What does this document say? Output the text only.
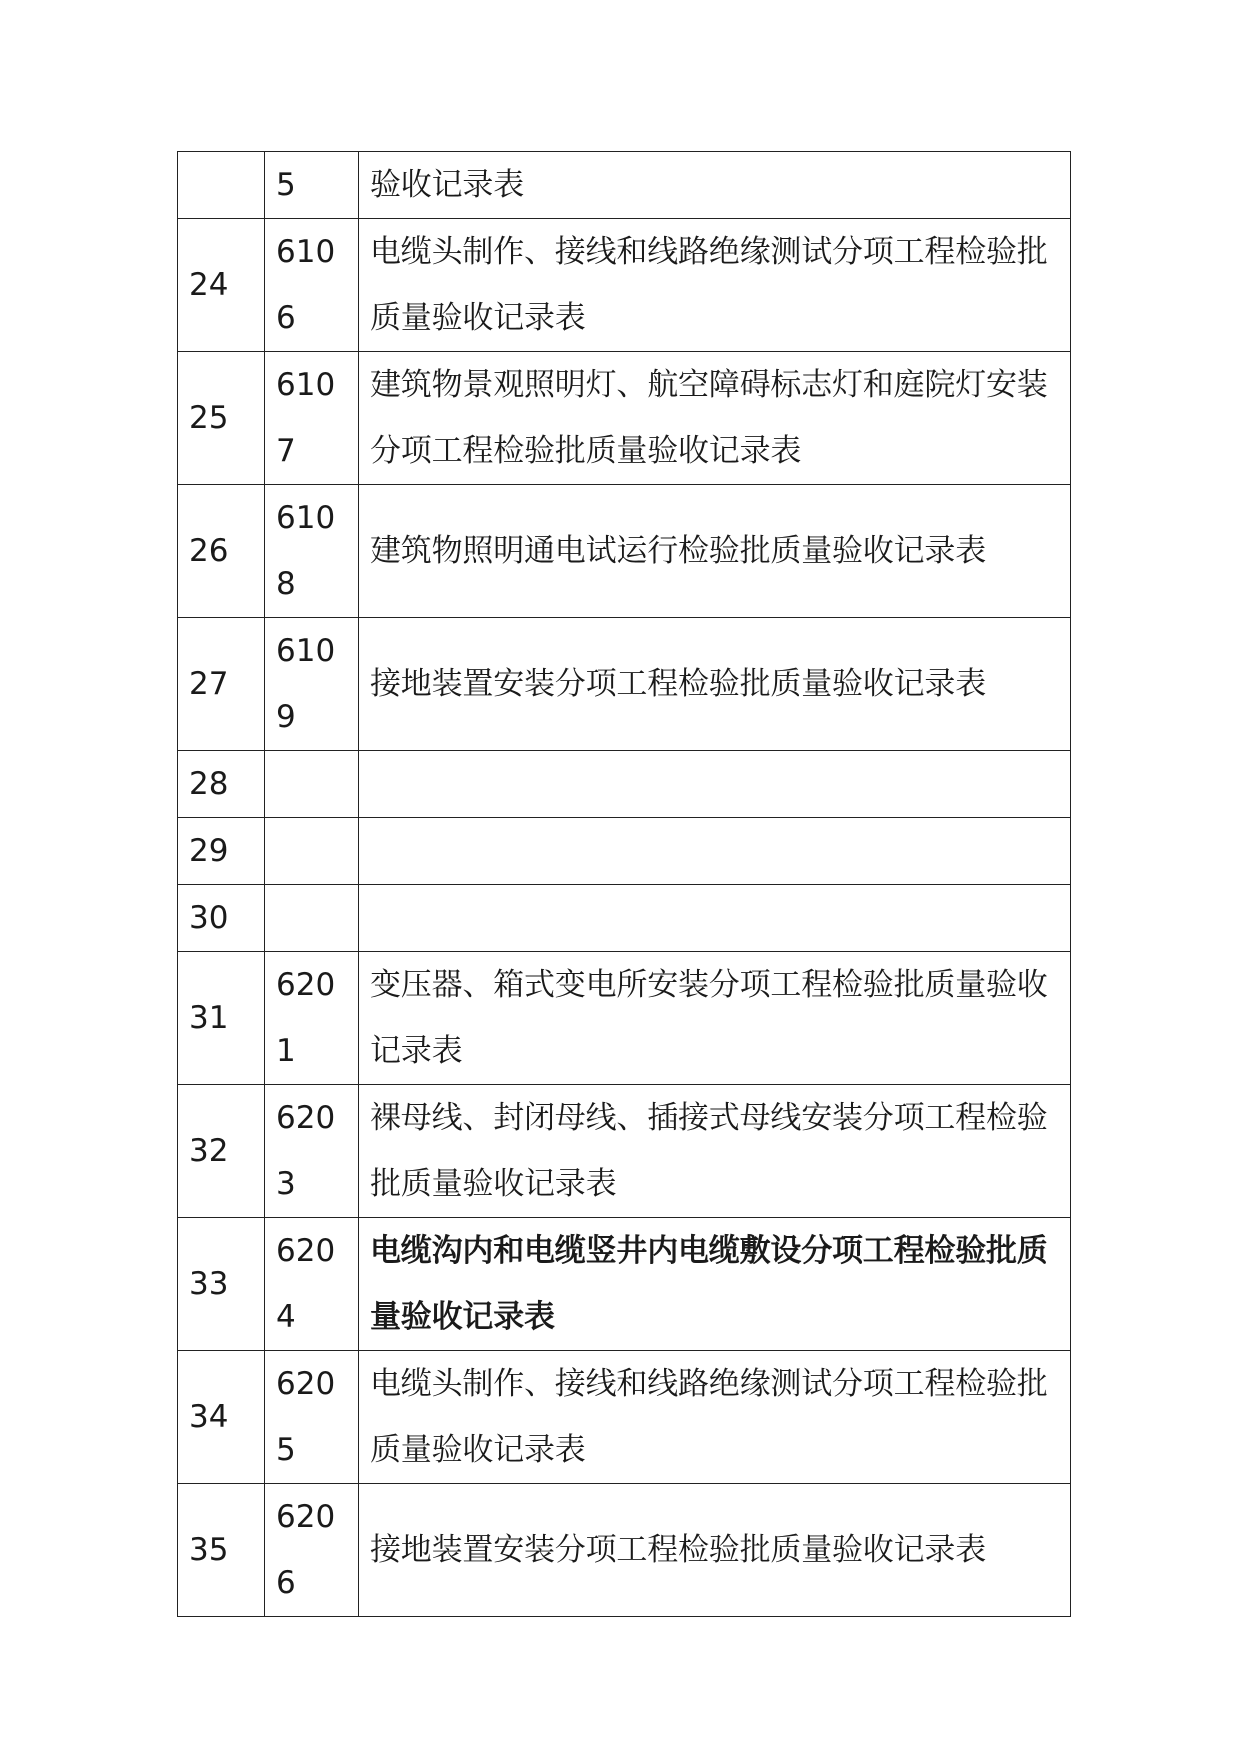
	5	验收记录表
24	6106	电缆头制作、接线和线路绝缘测试分项工程检验批质量验收记录表
25	6107	建筑物景观照明灯、航空障碍标志灯和庭院灯安装分项工程检验批质量验收记录表
26	6108	建筑物照明通电试运行检验批质量验收记录表
27	6109	接地装置安装分项工程检验批质量验收记录表
28		
29		
30		
31	6201	变压器、箱式变电所安装分项工程检验批质量验收记录表
32	6203	裸母线、封闭母线、插接式母线安装分项工程检验批质量验收记录表
33	6204	电缆沟内和电缆竖井内电缆敷设分项工程检验批质量验收记录表
34	6205	电缆头制作、接线和线路绝缘测试分项工程检验批质量验收记录表
35	6206	接地装置安装分项工程检验批质量验收记录表
